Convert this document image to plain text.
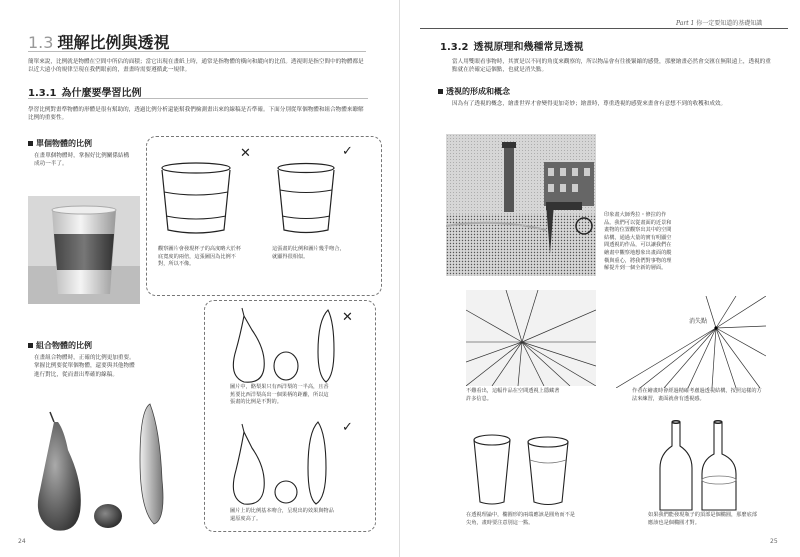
1.3 理解比例與透視
簡單來說，比例就是物體在空間中所佔的面積；當它出現在畫紙上時，通常是指物體的橫向和縱向的比值。透視則是指空間中的物體都是以近大遠小的規律呈現在我們眼前的，畫畫時需要遵循此一規律。
1.3.1 為什麼要學習比例
學習比例對畫準物體的形體是很有幫助的，透過比例分析還能幫我們檢測畫出來的線稿是否準確。下面分別從單個物體和組合物體來瞭解比例的重要性。
單個物體的比例
在畫單個物體時，掌握好比例關係結構成功一半了。
✕	✓
觀察圖片會發現杯子的高度略大於杯底寬度的兩倍，這張圖因為比例不對，所以不像。
這張畫的比例和圖片幾乎吻合，就顯得很相似。
組合物體的比例
在畫組合物體時，正確的比例更加重要。掌握比例要從單個物體，還要與其他物體進行對比，從而畫出準確的線稿。
✕
✓
圖片中，酪梨果只有西洋梨的一半高，且香蕉要比西洋梨高出一個果柄的距離，所以這張畫的比例是不對的。
圖片上的比例基本吻合，呈現出的效果與物品還原度高了。
24
Part 1 你一定要知道的基礎知識
1.3.2 透視原理和幾種常見透視
當人用雙眼看事物時，其實是以不同的角度來觀察的，所以物品會有往後緊縮的感覺，那麼繪畫必然會交匯在無限遠上，透視的重點就在於確定這個點，也就是消失點。
透視的形成和概念
因為有了透視的概念，繪畫世界才會變得更加奇妙；繪畫時，尊重透視的感覺來畫會有意想不到的收穫和成效。
印象畫大師秀拉・修拉的作品。我們可以從畫面的近景和畫物的位置觀察出其中的空間結構，通過大量的實有明顯空間透視的作品，可以讓我們在繪畫中觀察地想象出畫面的縱橫與重心，將我們對事物的理解提升到一個全新的層面。
不難看出，這幅作品在空間透視上隱藏著許多信息。
消失點
作者在繪畫時會經過精確考慮過透視結構，按照這樣的方法來練習，畫面就會有透視感。
在透視理論中，橢圓形的兩端應該是圓角而不是尖角，畫時要注意別這一點。
如果我們能發現瓶子的頂部是個橢圓，那麼底部應該也是個橢圓才對。
25
